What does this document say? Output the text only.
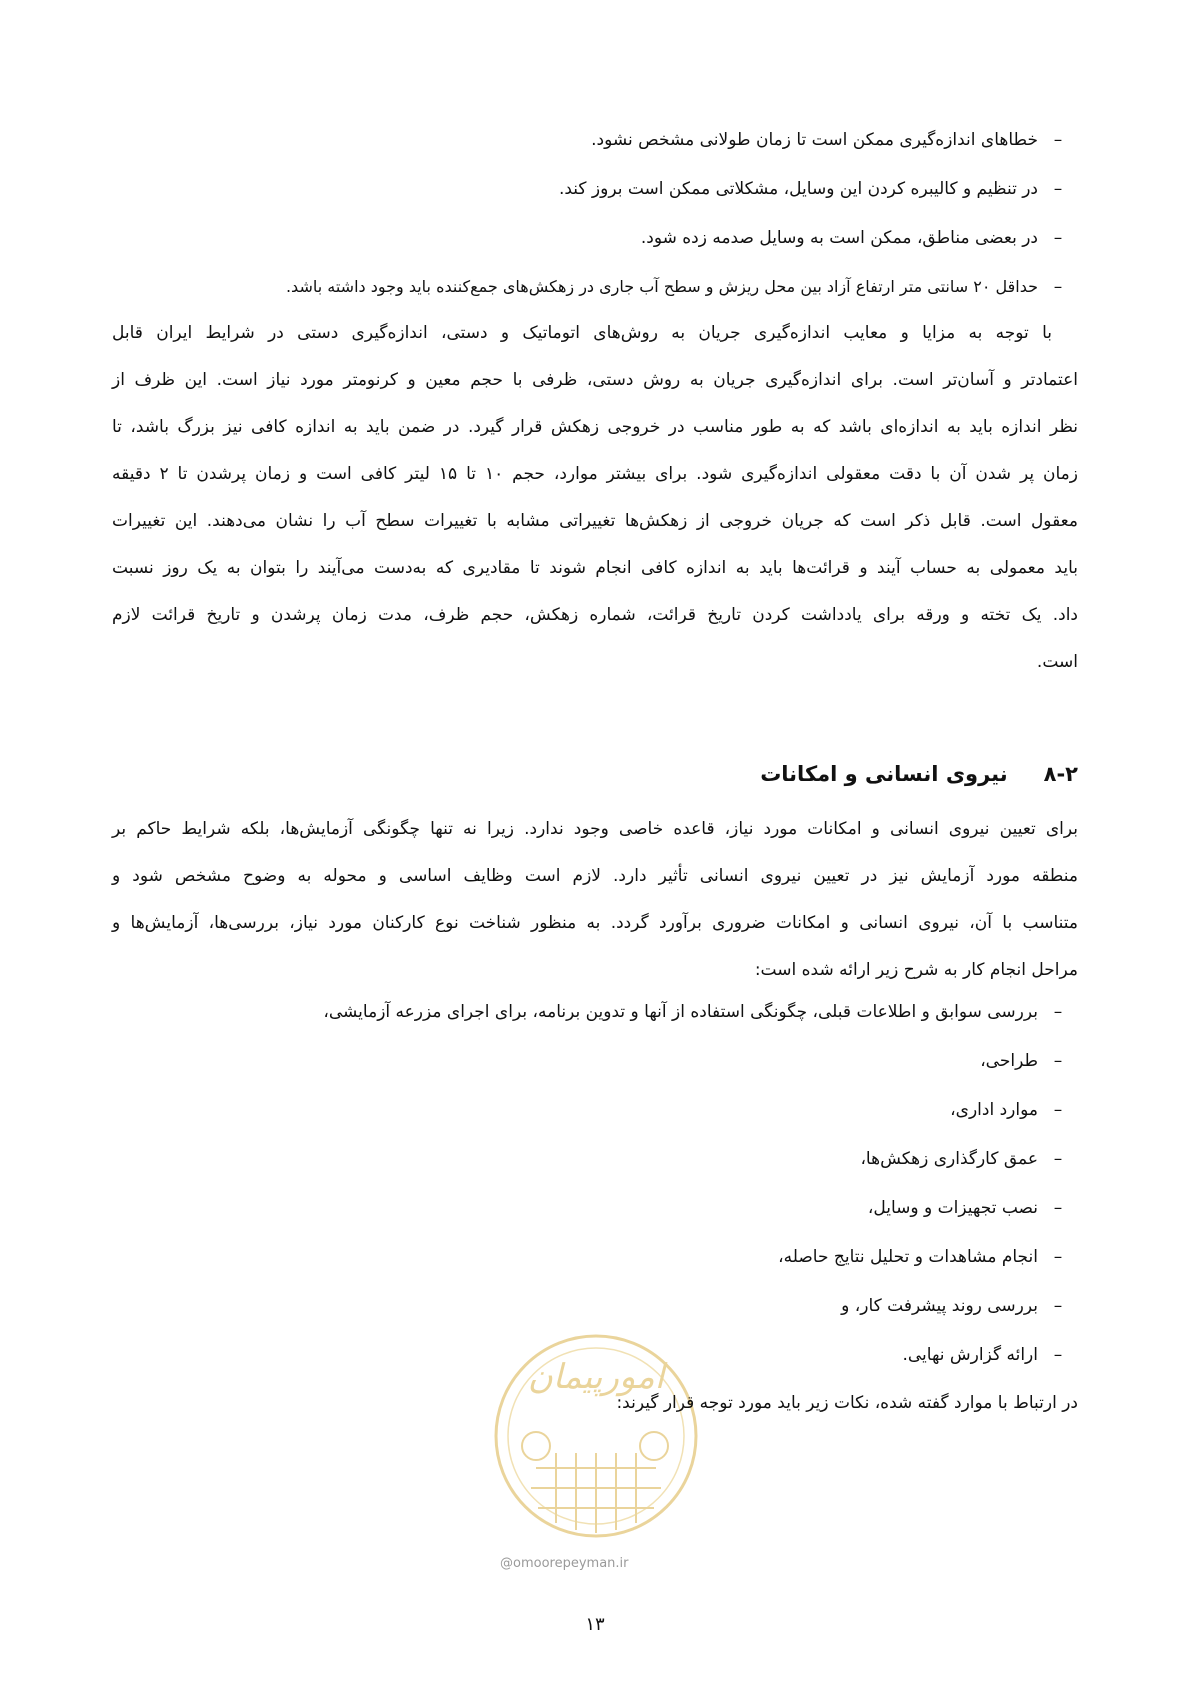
–
خطاهای اندازه‌گیری ممکن است تا زمان طولانی مشخص نشود.
–
در تنظیم و کالیبره کردن این وسایل، مشکلاتی ممکن است بروز کند.
–
در بعضی مناطق، ممکن است به وسایل صدمه زده شود.
–
حداقل ۲۰ سانتی متر ارتفاع آزاد بین محل ریزش و سطح آب جاری در زهکش‌های جمع‌کننده باید وجود داشته باشد.
با توجه به مزایا و معایب اندازه‌گیری جریان به روش‌های اتوماتیک و دستی، اندازه‌گیری دستی در شرایط ایران قابل
اعتمادتر و آسان‌تر است. برای اندازه‌گیری جریان به روش دستی، ظرفی با حجم معین و کرنومتر مورد نیاز است. این ظرف از
نظر اندازه باید به اندازه‌ای باشد که به طور مناسب در خروجی زهکش قرار گیرد. در ضمن باید به اندازه کافی نیز بزرگ باشد، تا
زمان پر شدن آن با دقت معقولی اندازه‌گیری شود. برای بیشتر موارد، حجم ۱۰ تا ۱۵ لیتر کافی است و زمان پرشدن تا ۲ دقیقه
معقول است. قابل ذکر است که جریان خروجی از زهکش‌ها تغییراتی مشابه با تغییرات سطح آب را نشان می‌دهند. این تغییرات
باید معمولی به حساب آیند و قرائت‌ها باید به اندازه کافی انجام شوند تا مقادیری که به‌دست می‌آیند را بتوان به یک روز نسبت
داد. یک تخته و ورقه برای یادداشت کردن تاریخ قرائت، شماره زهکش، حجم ظرف، مدت زمان پرشدن و تاریخ قرائت لازم
است.
۸-۲
نیروی انسانی و امکانات
برای تعیین نیروی انسانی و امکانات مورد نیاز، قاعده خاصی وجود ندارد. زیرا نه تنها چگونگی آزمایش‌ها، بلکه شرایط حاکم بر
منطقه مورد آزمایش نیز در تعیین نیروی انسانی تأثیر دارد. لازم است وظایف اساسی و محوله به وضوح مشخص شود و
متناسب با آن، نیروی انسانی و امکانات ضروری برآورد گردد. به منظور شناخت نوع کارکنان مورد نیاز، بررسی‌ها، آزمایش‌ها و
مراحل انجام کار به شرح زیر ارائه شده است:
–
بررسی سوابق و اطلاعات قبلی، چگونگی استفاده از آنها و تدوین برنامه، برای اجرای مزرعه آزمایشی،
–
طراحی،
–
موارد اداری،
–
عمق کارگذاری زهکش‌ها،
–
نصب تجهیزات و وسایل،
–
انجام مشاهدات و تحلیل نتایج حاصله،
–
بررسی روند پیشرفت کار، و
–
ارائه گزارش نهایی.
امورپیمان
در ارتباط با موارد گفته شده، نکات زیر باید مورد توجه قرار گیرند:
@omoorepeyman.ir
۱۳
